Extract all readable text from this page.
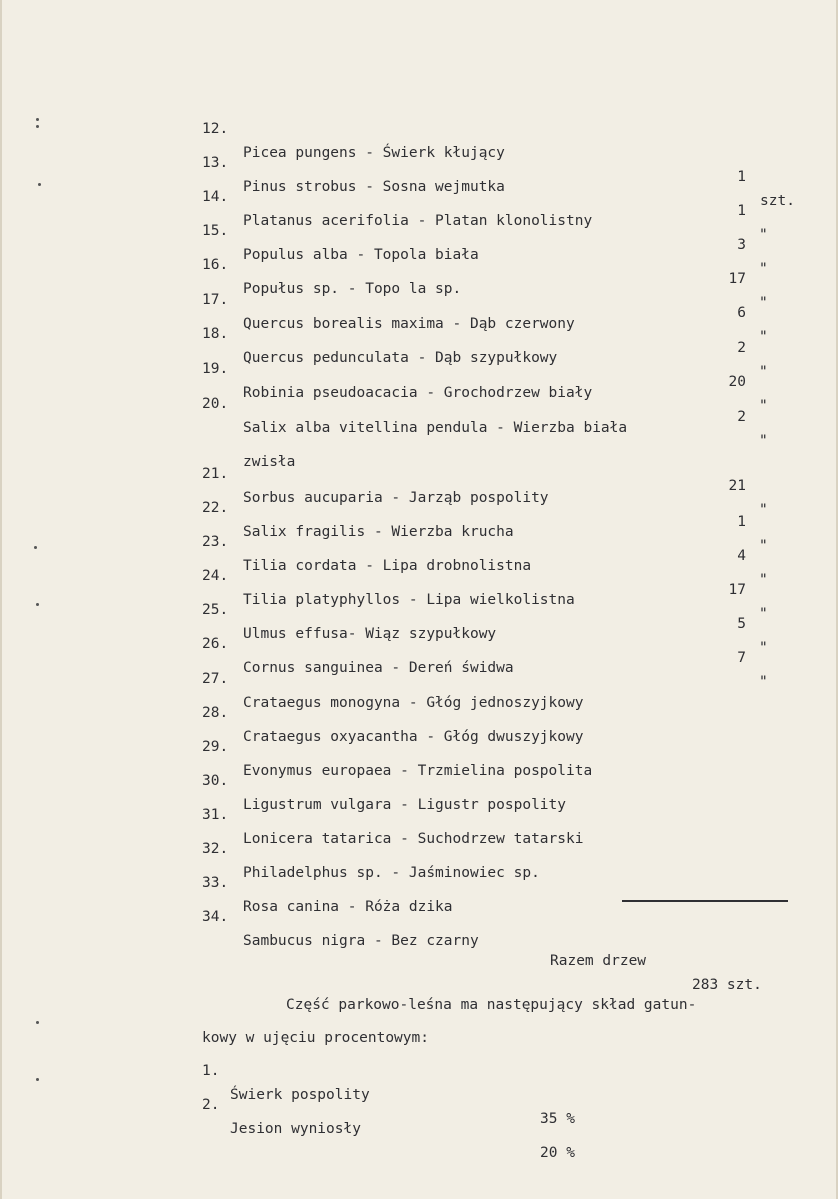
12.

Picea pungens - Świerk kłujący

1

szt.

13.

Pinus strobus - Sosna wejmutka

1

"

14.

Platanus acerifolia - Platan klonolistny

3

"

15.

Populus alba - Topola biała

17

"

16.

Popułus sp. - Topo la sp.

6

"

17.

Quercus borealis maxima - Dąb czerwony

2

"

18.

Quercus pedunculata - Dąb szypułkowy

20

"

19.

Robinia pseudoacacia - Grochodrzew biały

2

"

20.

Salix alba vitellina pendula - Wierzba biała

zwisła

21

"

21.

Sorbus aucuparia - Jarząb pospolity

1

"

22.

Salix fragilis - Wierzba krucha

4

"

23.

Tilia cordata - Lipa drobnolistna

17

"

24.

Tilia platyphyllos - Lipa wielkolistna

5

"

25.

Ulmus effusa- Wiąz szypułkowy

7

"

26.

Cornus sanguinea - Dereń świdwa

27.

Crataegus monogyna - Głóg jednoszyjkowy

28.

Crataegus oxyacantha - Głóg dwuszyjkowy

29.

Evonymus europaea - Trzmielina pospolita

30.

Ligustrum vulgara - Ligustr pospolity

31.

Lonicera tatarica - Suchodrzew tatarski

32.

Philadelphus sp. - Jaśminowiec sp.

33.

Rosa canina - Róża dzika

34.

Sambucus nigra - Bez czarny

Razem drzew

283 szt.

Część parkowo-leśna ma następujący skład gatun-

kowy w ujęciu procentowym:

1.

Świerk pospolity

35 %

2.

Jesion wyniosły

20 %
